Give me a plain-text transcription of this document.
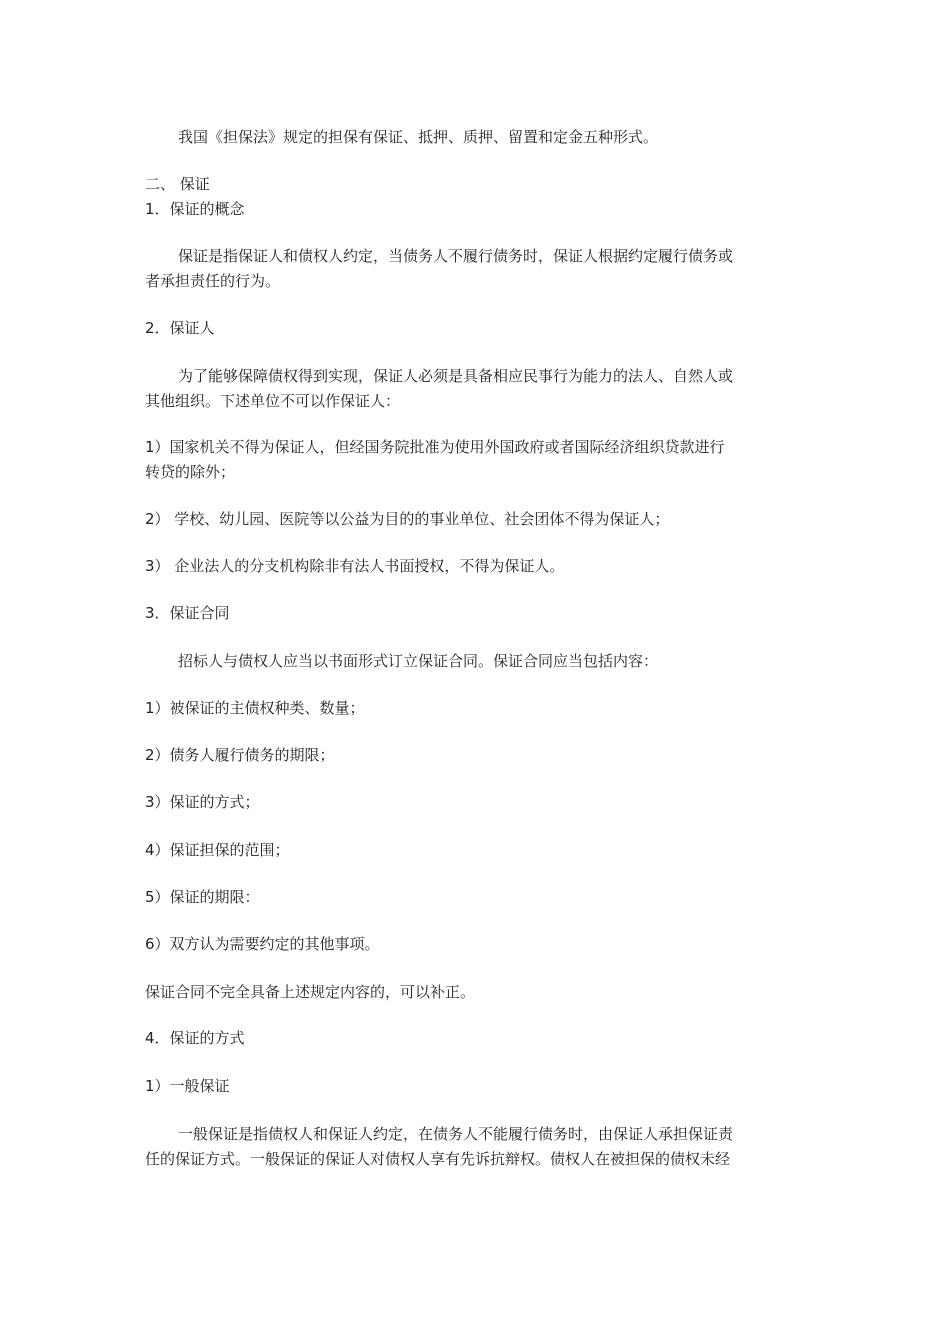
我国《担保法》规定的担保有保证、抵押、质押、留置和定金五种形式。
二、 保证
1．保证的概念
保证是指保证人和债权人约定，当债务人不履行债务时，保证人根据约定履行债务或
者承担责任的行为。
2．保证人
为了能够保障债权得到实现，保证人必须是具备相应民事行为能力的法人、自然人或
其他组织。下述单位不可以作保证人：
1）国家机关不得为保证人，但经国务院批准为使用外国政府或者国际经济组织贷款进行
转贷的除外；
2） 学校、幼儿园、医院等以公益为目的的事业单位、社会团体不得为保证人；
3） 企业法人的分支机构除非有法人书面授权，不得为保证人。
3．保证合同
招标人与债权人应当以书面形式订立保证合同。保证合同应当包括内容：
1）被保证的主债权种类、数量；
2）债务人履行债务的期限；
3）保证的方式；
4）保证担保的范围；
5）保证的期限：
6）双方认为需要约定的其他事项。
保证合同不完全具备上述规定内容的，可以补正。
4．保证的方式
1）一般保证
一般保证是指债权人和保证人约定，在债务人不能履行债务时，由保证人承担保证责
任的保证方式。一般保证的保证人对债权人享有先诉抗辩权。债权人在被担保的债权未经
